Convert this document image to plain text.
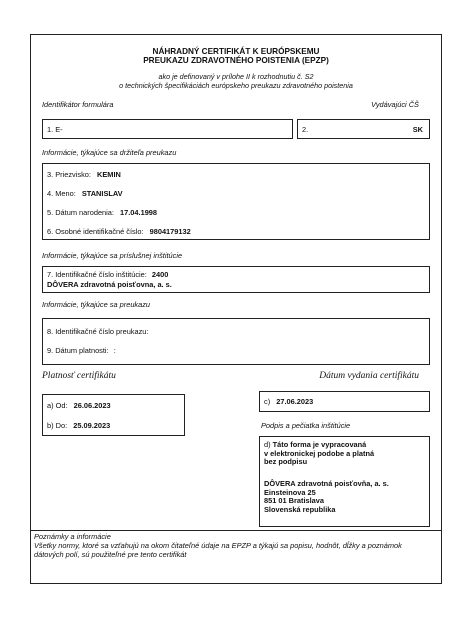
NÁHRADNÝ CERTIFIKÁT K EURÓPSKEMU
PREUKAZU ZDRAVOTNÉHO POISTENIA (EPZP)
ako je definovaný v prílohe II k rozhodnutiu č. S2
o technických špecifikáciách európskeho preukazu zdravotného poistenia
Identifikátor formulára	Vydávajúci ČŠ
1. E-	2.	SK
Informácie, týkajúce sa držiteľa preukazu
3. Priezvisko: KEMIN
4. Meno: STANISLAV
5. Dátum narodenia: 17.04.1998
6. Osobné identifikačné číslo: 9804179132
Informácie, týkajúce sa príslušnej inštitúcie
7. Identifikačné číslo inštitúcie: 2400
DÔVERA zdravotná poisťovna, a. s.
Informácie, týkajúce sa preukazu
8. Identifikačné číslo preukazu:
9. Dátum platnosti: :
Platnosť certifikátu	Dátum vydania certifikátu
a) Od: 26.06.2023
b) Do: 25.09.2023
c) 27.06.2023
Podpis a pečiatka inštitúcie
d) Táto forma je vypracovaná
v elektronickej podobe a platná
bez podpisu
DÔVERA zdravotná poisťovňa, a. s.
Einsteinova 25
851 01 Bratislava
Slovenská republika
Poznámky a informácie
Všetky normy, ktoré sa vzťahujú na okom čitateľné údaje na EPZP a týkajú sa popisu, hodnôt, dĺžky a poznámok
dátových polí, sú použiteľné pre tento certifikát
